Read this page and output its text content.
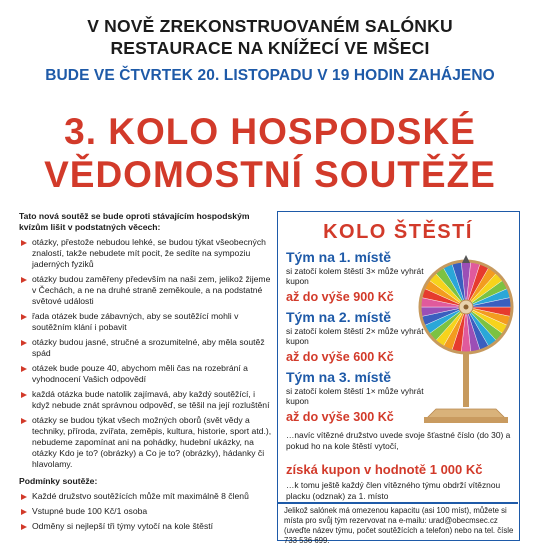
V NOVĚ ZREKONSTRUOVANÉM SALÓNKU
RESTAURACE NA KNÍŽECÍ VE MŠECI
BUDE VE ČTVRTEK 20. LISTOPADU V 19 HODIN ZAHÁJENO
3. KOLO HOSPODSKÉ
VĚDOMOSTNÍ SOUTĚŽE
Tato nová soutěž se bude oproti stávajícím hospodským kvízům lišit v podstatných věcech:
otázky, přestože nebudou lehké, se budou týkat všeobecných znalostí, takže nebudete mít pocit, že sedíte na sympoziu jaderných fyziků
otázky budou zaměřeny především na naši zem, jelikož žijeme v Čechách, a ne na druhé straně zeměkoule, a na podstatné světové události
řada otázek bude zábavných, aby se soutěžící mohli v soutěžním klání i pobavit
otázky budou jasné, stručné a srozumitelné, aby měla soutěž spád
otázek bude pouze 40, abychom měli čas na rozebrání a vyhodnocení Vašich odpovědí
každá otázka bude natolik zajímavá, aby každý soutěžící, i když nebude znát správnou odpověď, se těšil na její rozluštění
otázky se budou týkat všech možných oborů (svět vědy a techniky, příroda, zvířata, zeměpis, kultura, historie, sport atd.), nebudeme zapomínat ani na pohádky, hudební ukázky, na otázky Kdo je to? (obrázky) a Co je to? (obrázky), hádanky či hlavolamy.
Podmínky soutěže:
Každé družstvo soutěžících může mít maximálně 8 členů
Vstupné bude 100 Kč/1 osoba
Odměny si nejlepší tři týmy vytočí na kole štěstí
KOLO ŠTĚSTÍ
Tým na 1. místě
si zatočí kolem štěstí 3× může vyhrát kupon
až do výše 900 Kč
Tým na 2. místě
si zatočí kolem štěstí 2× může vyhrát kupon
až do výše 600 Kč
Tým na 3. místě
si zatočí kolem štěstí 1× může vyhrát kupon
až do výše 300 Kč
…navíc vítězné družstvo uvede svoje šťastné číslo (do 30) a pokud ho na kole štěstí vytočí,
získá kupon v hodnotě 1 000 Kč
…k tomu ještě každý člen vítězného týmu obdrží vítěznou placku (odznak) za 1. místo
Jelikož salónek má omezenou kapacitu (asi 100 míst), můžete si místa pro svůj tým rezervovat na e-mailu: urad@obecmsec.cz (uveďte název týmu, počet soutěžících a telefon) nebo na tel. čísle 733 536 699.
